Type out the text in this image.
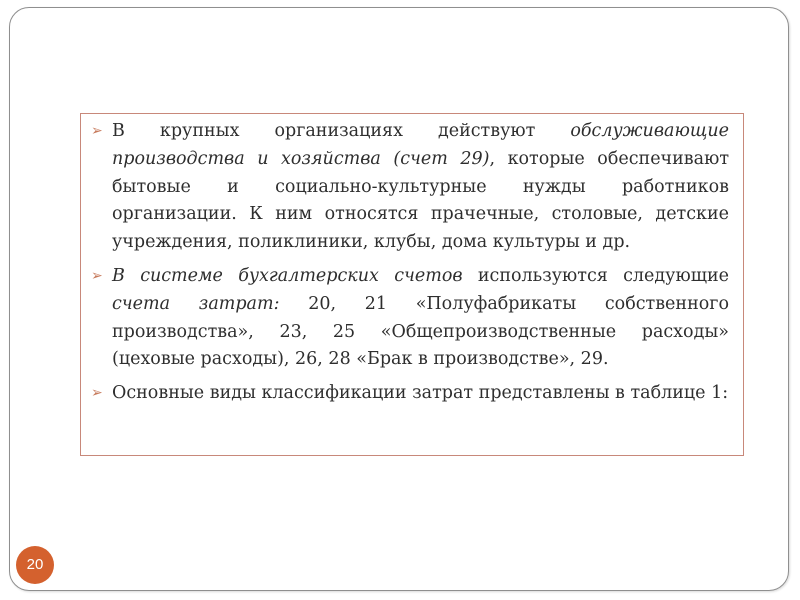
➢ В крупных организациях действуют обслуживающие производства и хозяйства (счет 29), которые обеспечивают бытовые и социально-культурные нужды работников организации. К ним относятся прачечные, столовые, детские учреждения, поликлиники, клубы, дома культуры и др.
➢ В системе бухгалтерских счетов используются следующие счета затрат: 20, 21 «Полуфабрикаты собственного производства», 23, 25 «Общепроизводственные расходы» (цеховые расходы), 26, 28 «Брак в производстве», 29.
➢ Основные виды классификации затрат представлены в таблице 1:
20
